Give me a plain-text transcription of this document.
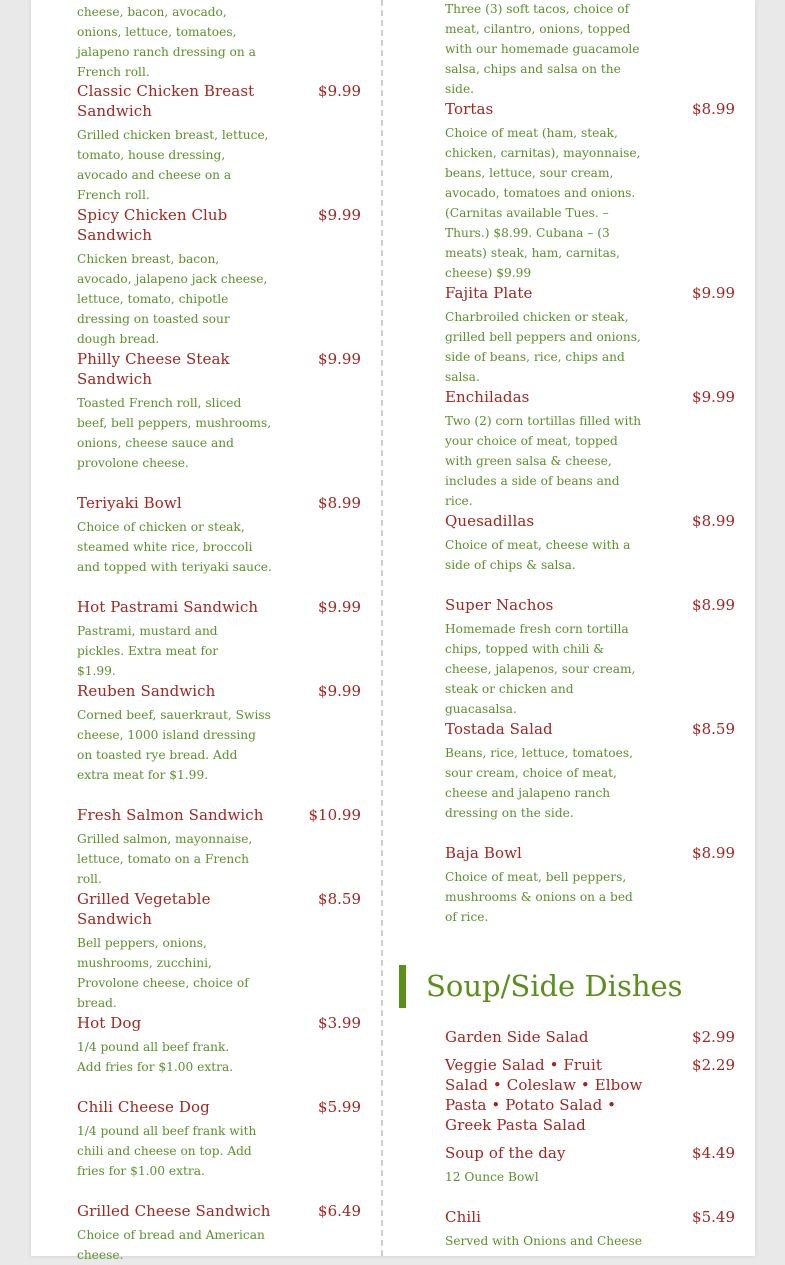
cheese, bacon, avocado, onions, lettuce, tomatoes, jalapeno ranch dressing on a French roll.
Classic Chicken Breast Sandwich
$9.99
Grilled chicken breast, lettuce, tomato, house dressing, avocado and cheese on a French roll.
Spicy Chicken Club Sandwich
$9.99
Chicken breast, bacon, avocado, jalapeno jack cheese, lettuce, tomato, chipotle dressing on toasted sour dough bread.
Philly Cheese Steak Sandwich
$9.99
Toasted French roll, sliced beef, bell peppers, mushrooms, onions, cheese sauce and provolone cheese.
Teriyaki Bowl	$8.99
Choice of chicken or steak, steamed white rice, broccoli and topped with teriyaki sauce.
Hot Pastrami Sandwich	$9.99
Pastrami, mustard and pickles. Extra meat for $1.99.
Reuben Sandwich	$9.99
Corned beef, sauerkraut, Swiss cheese, 1000 island dressing on toasted rye bread. Add extra meat for $1.99.
Fresh Salmon Sandwich	$10.99
Grilled salmon, mayonnaise, lettuce, tomato on a French roll.
Grilled Vegetable Sandwich
$8.59
Bell peppers, onions, mushrooms, zucchini, Provolone cheese, choice of bread.
Hot Dog	$3.99
1/4 pound all beef frank. Add fries for $1.00 extra.
Chili Cheese Dog	$5.99
1/4 pound all beef frank with chili and cheese on top. Add fries for $1.00 extra.
Grilled Cheese Sandwich	$6.49
Choice of bread and American cheese.
Three (3) soft tacos, choice of meat, cilantro, onions, topped with our homemade guacamole salsa, chips and salsa on the side.
Tortas	$8.99
Choice of meat (ham, steak, chicken, carnitas), mayonnaise, beans, lettuce, sour cream, avocado, tomatoes and onions. (Carnitas available Tues. – Thurs.) $8.99. Cubana – (3 meats) steak, ham, carnitas, cheese) $9.99
Fajita Plate	$9.99
Charbroiled chicken or steak, grilled bell peppers and onions, side of beans, rice, chips and salsa.
Enchiladas	$9.99
Two (2) corn tortillas filled with your choice of meat, topped with green salsa & cheese, includes a side of beans and rice.
Quesadillas	$8.99
Choice of meat, cheese with a side of chips & salsa.
Super Nachos	$8.99
Homemade fresh corn tortilla chips, topped with chili & cheese, jalapenos, sour cream, steak or chicken and guacasalsa.
Tostada Salad	$8.59
Beans, rice, lettuce, tomatoes, sour cream, choice of meat, cheese and jalapeno ranch dressing on the side.
Baja Bowl	$8.99
Choice of meat, bell peppers, mushrooms & onions on a bed of rice.
Soup/Side Dishes
Garden Side Salad	$2.99
Veggie Salad • Fruit Salad • Coleslaw • Elbow Pasta • Potato Salad • Greek Pasta Salad
$2.29
Soup of the day	$4.49
12 Ounce Bowl
Chili	$5.49
Served with Onions and Cheese
